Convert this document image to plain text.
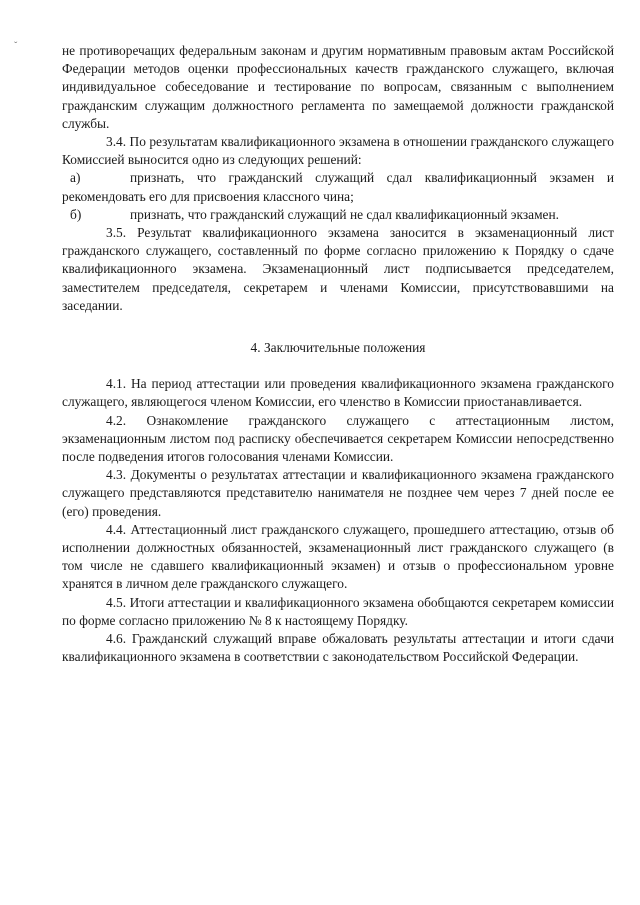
ˇ	не противоречащих федеральным законам и другим нормативным правовым актам Российской Федерации методов оценки профессиональных качеств гражданского служащего, включая индивидуальное собеседование и тестирование по вопросам, связанным с выполнением гражданским служащим должностного регламента по замещаемой должности гражданской службы.

3.4. По результатам квалификационного экзамена в отношении гражданского служащего Комиссией выносится одно из следующих решений:

а)	признать, что гражданский служащий сдал квалификационный экзамен и рекомендовать его для присвоения классного чина;

б)	признать, что гражданский служащий не сдал квалификационный экзамен.

3.5. Результат квалификационного экзамена заносится в экзаменационный лист гражданского служащего, составленный по форме согласно приложению к Порядку о сдаче квалификационного экзамена. Экзаменационный лист подписывается председателем, заместителем председателя, секретарем и членами Комиссии, присутствовавшими на заседании.

4. Заключительные положения

4.1. На период аттестации или проведения квалификационного экзамена гражданского служащего, являющегося членом Комиссии, его членство в Комиссии приостанавливается.

4.2. Ознакомление гражданского служащего с аттестационным листом, экзаменационным листом под расписку обеспечивается секретарем Комиссии непосредственно после подведения итогов голосования членами Комиссии.

4.3. Документы о результатах аттестации и квалификационного экзамена гражданского служащего представляются представителю нанимателя не позднее чем через 7 дней после ее (его) проведения.

4.4. Аттестационный лист гражданского служащего, прошедшего аттестацию, отзыв об исполнении должностных обязанностей, экзаменационный лист гражданского служащего (в том числе не сдавшего квалификационный экзамен) и отзыв о профессиональном уровне хранятся в личном деле гражданского служащего.

4.5. Итоги аттестации и квалификационного экзамена обобщаются секретарем комиссии по форме согласно приложению № 8 к настоящему Порядку.

4.6. Гражданский служащий вправе обжаловать результаты аттестации и итоги сдачи квалификационного экзамена в соответствии с законодательством Российской Федерации.
